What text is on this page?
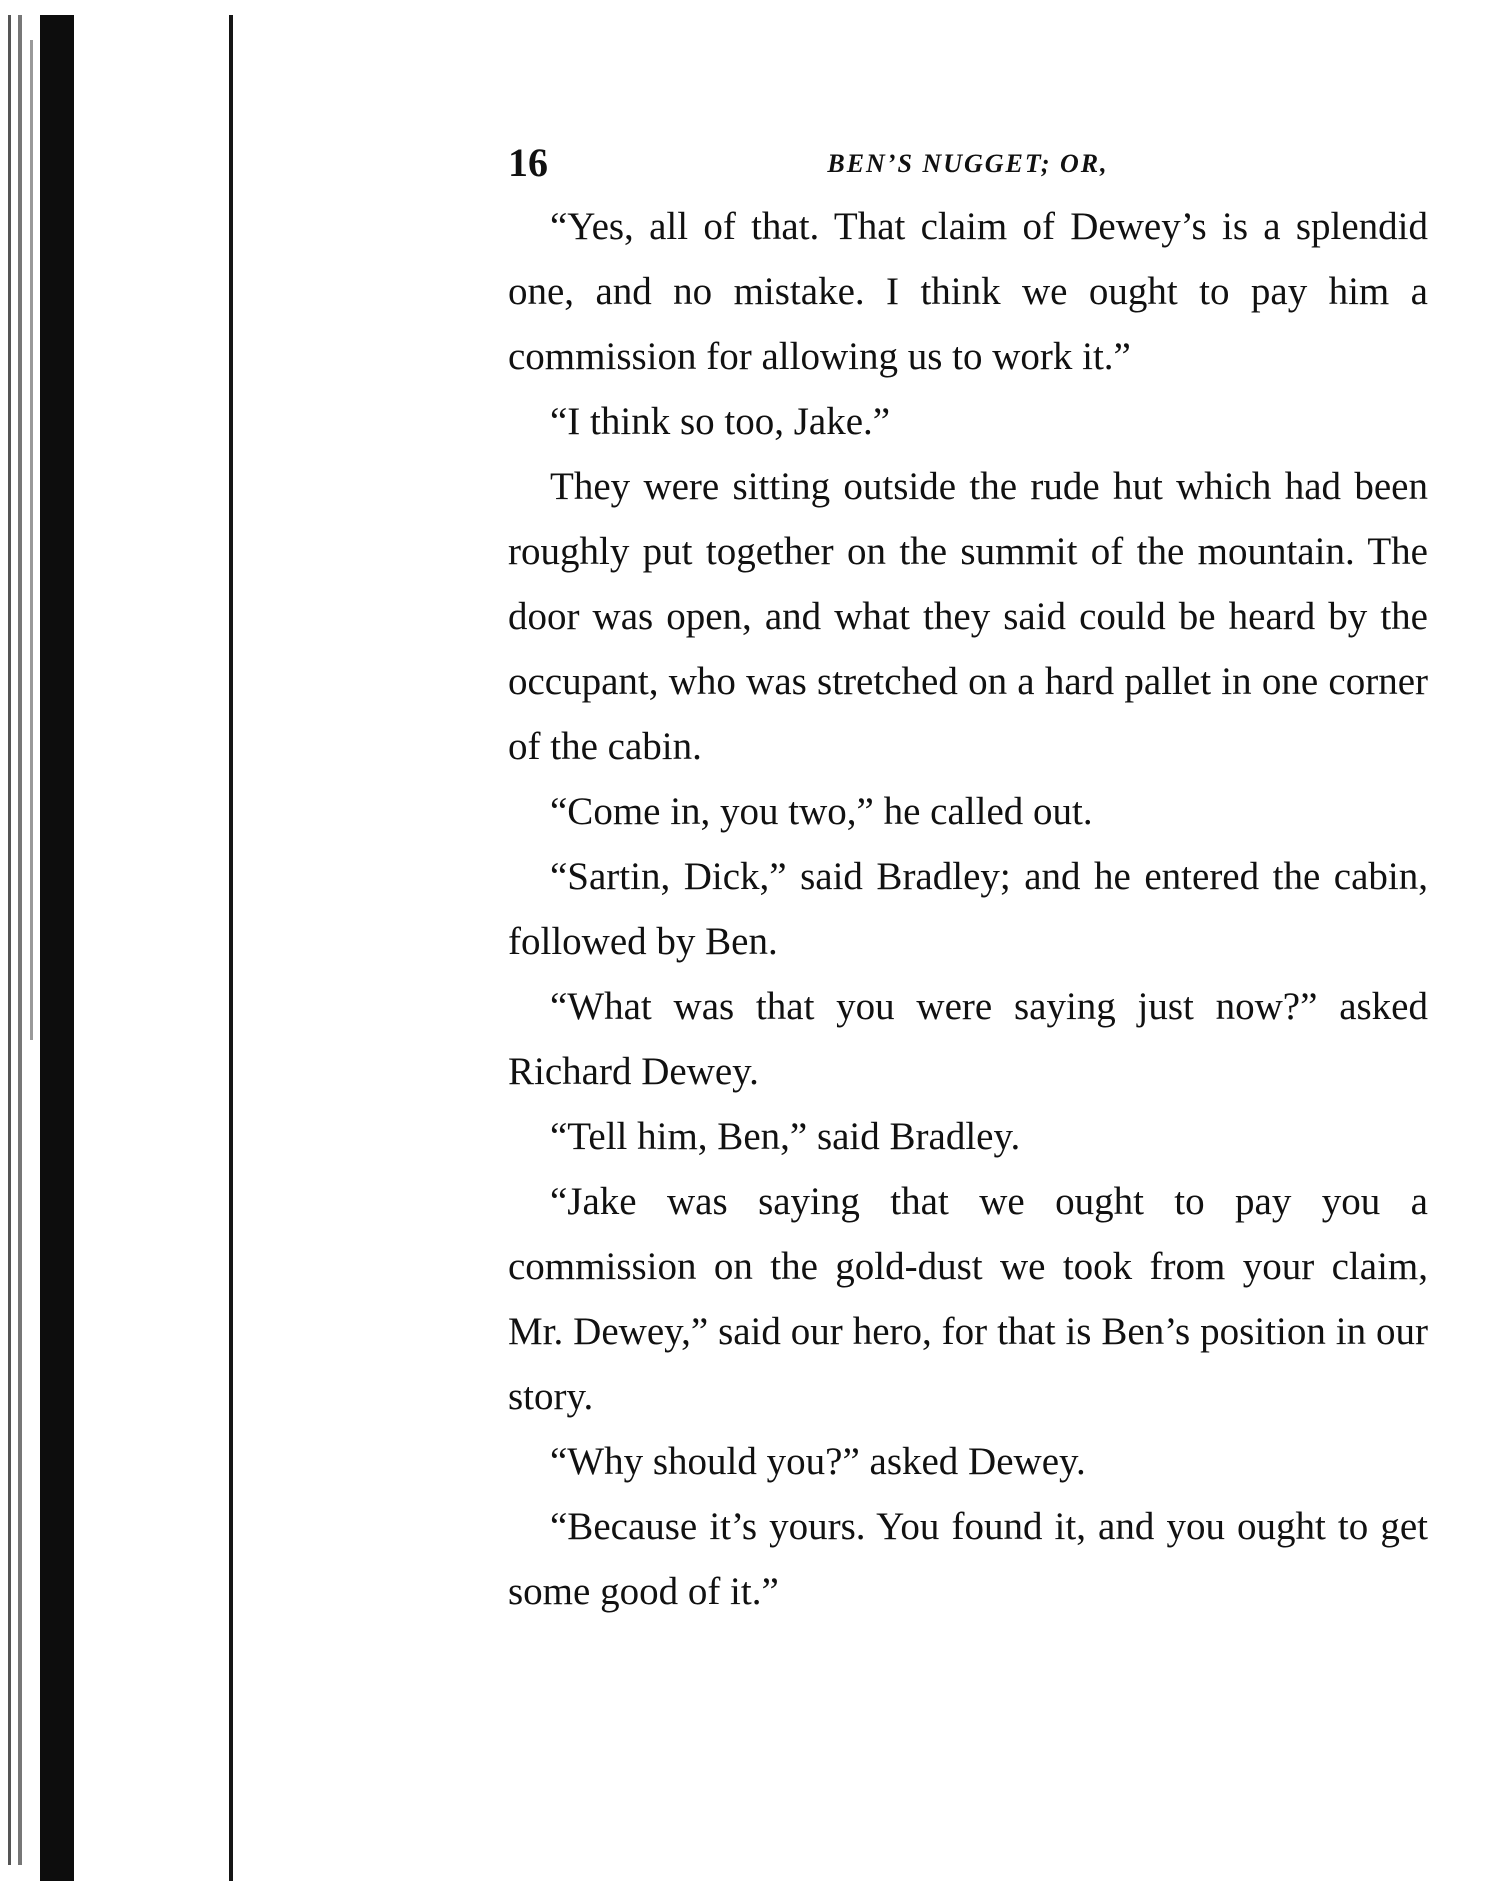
16	BEN’S NUGGET; OR,

“Yes, all of that. That claim of Dewey’s is a splendid one, and no mistake. I think we ought to pay him a commission for allowing us to work it.”

“I think so too, Jake.”

They were sitting outside the rude hut which had been roughly put together on the summit of the mountain. The door was open, and what they said could be heard by the occupant, who was stretched on a hard pallet in one corner of the cabin.

“Come in, you two,” he called out.

“Sartin, Dick,” said Bradley; and he entered the cabin, followed by Ben.

“What was that you were saying just now?” asked Richard Dewey.

“Tell him, Ben,” said Bradley.

“Jake was saying that we ought to pay you a commission on the gold-dust we took from your claim, Mr. Dewey,” said our hero, for that is Ben’s position in our story.

“Why should you?” asked Dewey.

“Because it’s yours. You found it, and you ought to get some good of it.”
